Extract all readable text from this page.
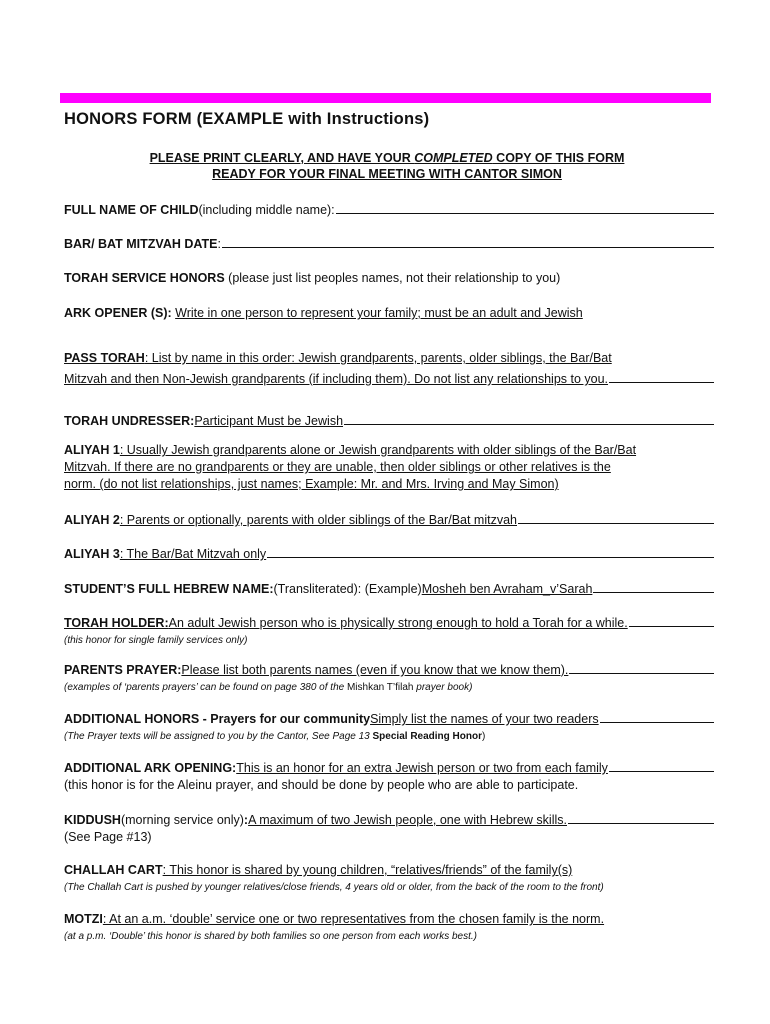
HONORS FORM (EXAMPLE with Instructions)
PLEASE PRINT CLEARLY, AND HAVE YOUR COMPLETED COPY OF THIS FORM
READY FOR YOUR FINAL MEETING WITH CANTOR SIMON
FULL NAME OF CHILD (including middle name):
BAR/ BAT MITZVAH DATE :
TORAH SERVICE HONORS (please just list peoples names, not their relationship to you)
ARK OPENER (S): Write in one person to represent your family; must be an adult and Jewish
PASS TORAH: List by name in this order: Jewish grandparents, parents, older siblings, the Bar/Bat
Mitzvah and then Non-Jewish grandparents (if including them). Do not list any relationships to you.
TORAH UNDRESSER: Participant Must be Jewish
ALIYAH 1: Usually Jewish grandparents alone or Jewish grandparents with older siblings of the Bar/Bat
Mitzvah. If there are no grandparents or they are unable, then older siblings or other relatives is the
norm. (do not list relationships, just names; Example: Mr. and Mrs. Irving and May Simon)
ALIYAH 2 : Parents or optionally, parents with older siblings of the Bar/Bat mitzvah
ALIYAH 3 : The Bar/Bat Mitzvah only
STUDENT’S FULL HEBREW NAME: (Transliterated): (Example) Mosheh ben Avraham_v’Sarah
TORAH HOLDER: An adult Jewish person who is physically strong enough to hold a Torah for a while.
(this honor for single family services only)
PARENTS PRAYER: Please list both parents names (even if you know that we know them).
(examples of ‘parents prayers’ can be found on page 380 of the Mishkan T’filah prayer book)
ADDITIONAL HONORS - Prayers for our community Simply list the names of your two readers
(The Prayer texts will be assigned to you by the Cantor, See Page 13 Special Reading Honor)
ADDITIONAL ARK OPENING: This is an honor for an extra Jewish person or two from each family
(this honor is for the Aleinu prayer, and should be done by people who are able to participate.
KIDDUSH (morning service only) : A maximum of two Jewish people, one with Hebrew skills.
(See Page #13)
CHALLAH CART: This honor is shared by young children, “relatives/friends” of the family(s)
(The Challah Cart is pushed by younger relatives/close friends, 4 years old or older, from the back of the room to the front)
MOTZI: At an a.m. ‘double’ service one or two representatives from the chosen family is the norm.
(at a p.m. ‘Double’ this honor is shared by both families so one person from each works best.)
